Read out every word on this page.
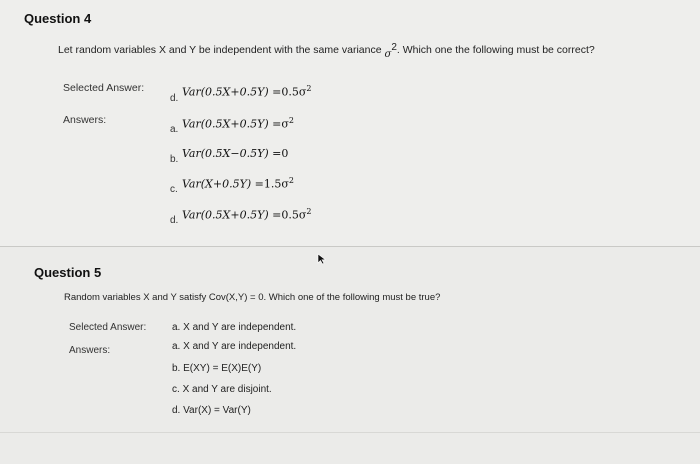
Question 4
Let random variables X and Y be independent with the same variance σ2. Which one the following must be correct?
Selected Answer:
d. $Var(0.5X+0.5Y) =0.5\sigma^2$
Answers:
a. $Var(0.5X+0.5Y) =\sigma^2$
b. Var(0.5X−0.5Y) =0
c. $Var(X+0.5Y) =1.5\sigma^2$
d. $Var(0.5X+0.5Y) =0.5\sigma^2$
Question 5
Random variables X and Y satisfy Cov(X,Y) = 0. Which one of the following must be true?
Selected Answer:	a. X and Y are independent.
Answers:	a. X and Y are independent.
b. E(XY) = E(X)E(Y)
c. X and Y are disjoint.
d. Var(X) = Var(Y)
